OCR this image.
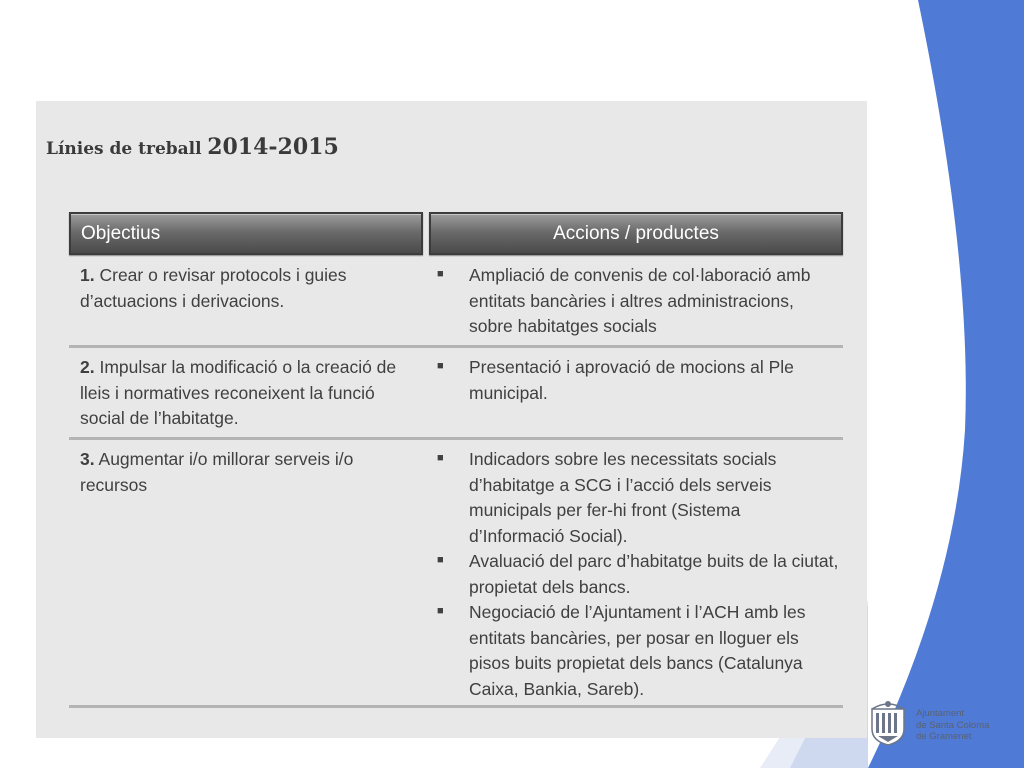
Línies de treball 2014-2015
Objectius	Accions / productes
1. Crear o revisar protocols i guies d’actuacions i derivacions.
■ Ampliació de convenis de col·laboració amb entitats bancàries i altres administracions, sobre habitatges socials
2. Impulsar la modificació o la creació de lleis i normatives reconeixent la funció social de l’habitatge.
■ Presentació i aprovació de mocions al Ple municipal.
3. Augmentar i/o millorar serveis i/o recursos
■ Indicadors sobre les necessitats socials d’habitatge a SCG i l’acció dels serveis municipals per fer-hi front (Sistema d’Informació Social).
■ Avaluació del parc d’habitatge buits de la ciutat, propietat dels bancs.
■ Negociació de l’Ajuntament i l’ACH amb les entitats bancàries, per posar en lloguer els pisos buits propietat dels bancs (Catalunya Caixa, Bankia, Sareb).
Ajuntament
de Santa Coloma
de Gramenet
